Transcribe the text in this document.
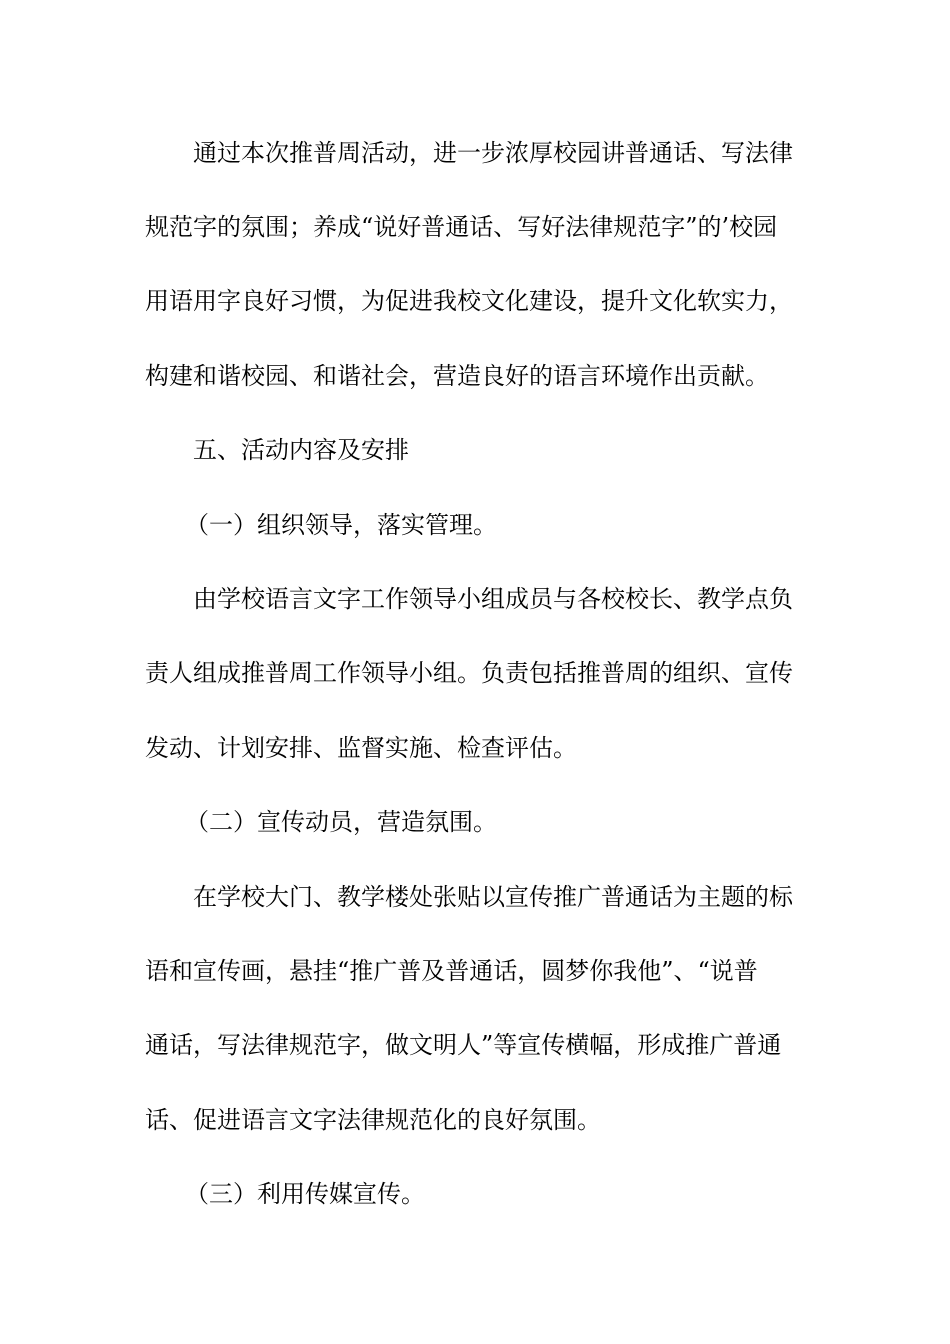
通过本次推普周活动，进一步浓厚校园讲普通话、写法律
规范字的氛围；养成“说好普通话、写好法律规范字”的’校园
用语用字良好习惯，为促进我校文化建设，提升文化软实力，
构建和谐校园、和谐社会，营造良好的语言环境作出贡献。
五、活动内容及安排
（一）组织领导，落实管理。
由学校语言文字工作领导小组成员与各校校长、教学点负
责人组成推普周工作领导小组。负责包括推普周的组织、宣传
发动、计划安排、监督实施、检查评估。
（二）宣传动员，营造氛围。
在学校大门、教学楼处张贴以宣传推广普通话为主题的标
语和宣传画，悬挂“推广普及普通话，圆梦你我他”、“说普
通话，写法律规范字，做文明人”等宣传横幅，形成推广普通
话、促进语言文字法律规范化的良好氛围。
（三）利用传媒宣传。
